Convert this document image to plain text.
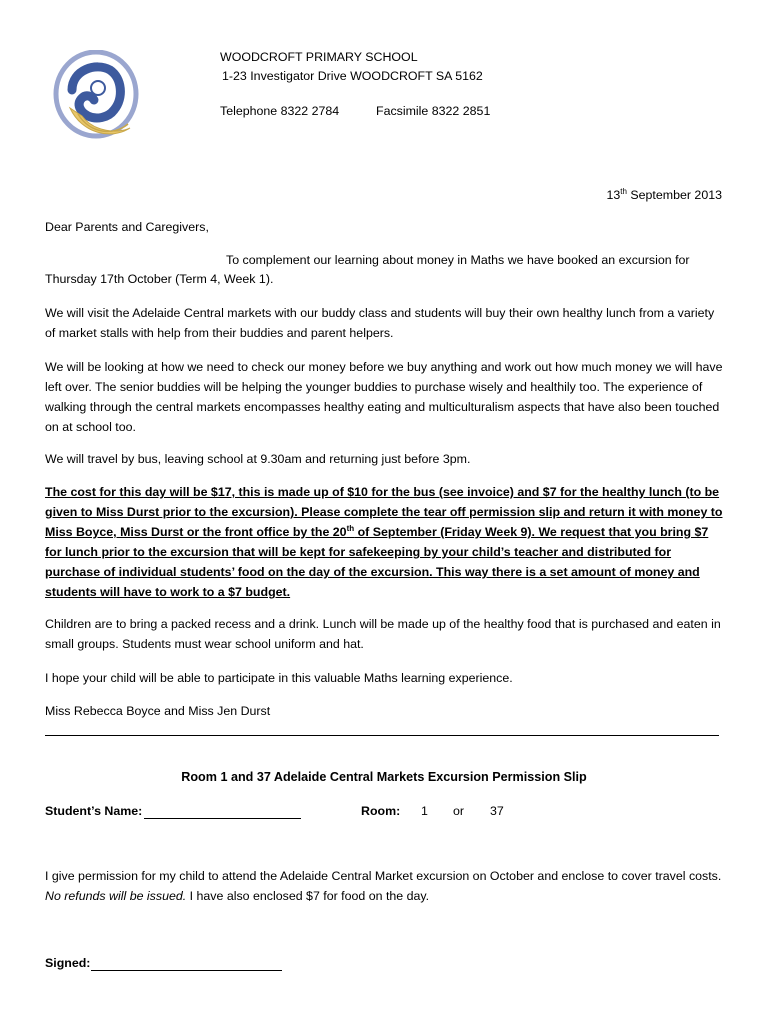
WOODCROFT PRIMARY SCHOOL
1-23 Investigator Drive WOODCROFT SA 5162
Telephone 8322 2784	Facsimile 8322 2851
13th September 2013
Dear Parents and Caregivers,
To complement our learning about money in Maths we have booked an excursion for
Thursday 17th October (Term 4, Week 1).
We will visit the Adelaide Central markets with our buddy class and students will buy their own healthy lunch from a variety of market stalls with help from their buddies and parent helpers.
We will be looking at how we need to check our money before we buy anything and work out how much money we will have left over. The senior buddies will be helping the younger buddies to purchase wisely and healthily too. The experience of walking through the central markets encompasses healthy eating and multiculturalism aspects that have also been touched on at school too.
We will travel by bus, leaving school at 9.30am and returning just before 3pm.
The cost for this day will be $17, this is made up of $10 for the bus (see invoice) and $7 for the healthy lunch (to be given to Miss Durst prior to the excursion). Please complete the tear off permission slip and return it with money to Miss Boyce, Miss Durst or the front office by the 20th of September (Friday Week 9). We request that you bring $7 for lunch prior to the excursion that will be kept for safekeeping by your child’s teacher and distributed for purchase of individual students’ food on the day of the excursion. This way there is a set amount of money and students will have to work to a $7 budget.
Children are to bring a packed recess and a drink. Lunch will be made up of the healthy food that is purchased and eaten in small groups. Students must wear school uniform and hat.
I hope your child will be able to participate in this valuable Maths learning experience.
Miss Rebecca Boyce and Miss Jen Durst
Room 1 and 37 Adelaide Central Markets Excursion Permission Slip
Student’s Name:	Room: 1 or 37
I give permission for my child to attend the Adelaide Central Market excursion on October and enclose to cover travel costs. No refunds will be issued. I have also enclosed $7 for food on the day.
Signed:
